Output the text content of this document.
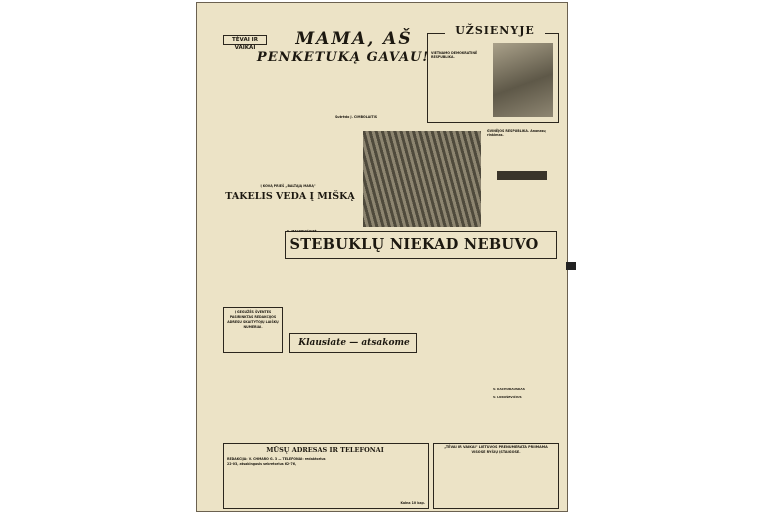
TĖVAI IR VAIKAI	MAMA, AŠ
PENKETUKĄ GAVAU!
Sutrėdo J. CIMBOLAITIS
UŽSIENYJE
VIETNAMO DEMOKRATINĖ RESPUBLIKA.
GVINĖJOS RESPUBLIKA. Ananasų rinkimas.
Į KOVĄ PRIEŠ „BALTĄJĄ MARĄ"
TAKELIS VEDA Į MIŠKĄ
STEBUKLŲ NIEKAD NEBUVO
Į GEGUŽĖS ŠVENTES PASIRINKTAS REDAKCIJOS ADRESU SKAITYTOJŲ LAIŠKŲ NUMERIAI.
Klausiate — atsakome
S. MACKEVIČIUTĖ
V. KACHURAUSKAS
V. LUKOŠEVIČIUS
MŪSŲ ADRESAS IR TELEFONAI
REDAKCIJA: V. CHMARO G. 3 — TELEFONAI: redaktorius
22-03, atsakingasis sekretorius 62-76,
Kaina 10 kap.
„TĖVAI IR VAIKAI" LIETUVOS PRENUMERATA PRIIMAMA VISOSE RYŠIŲ ĮSTAIGOSE.
